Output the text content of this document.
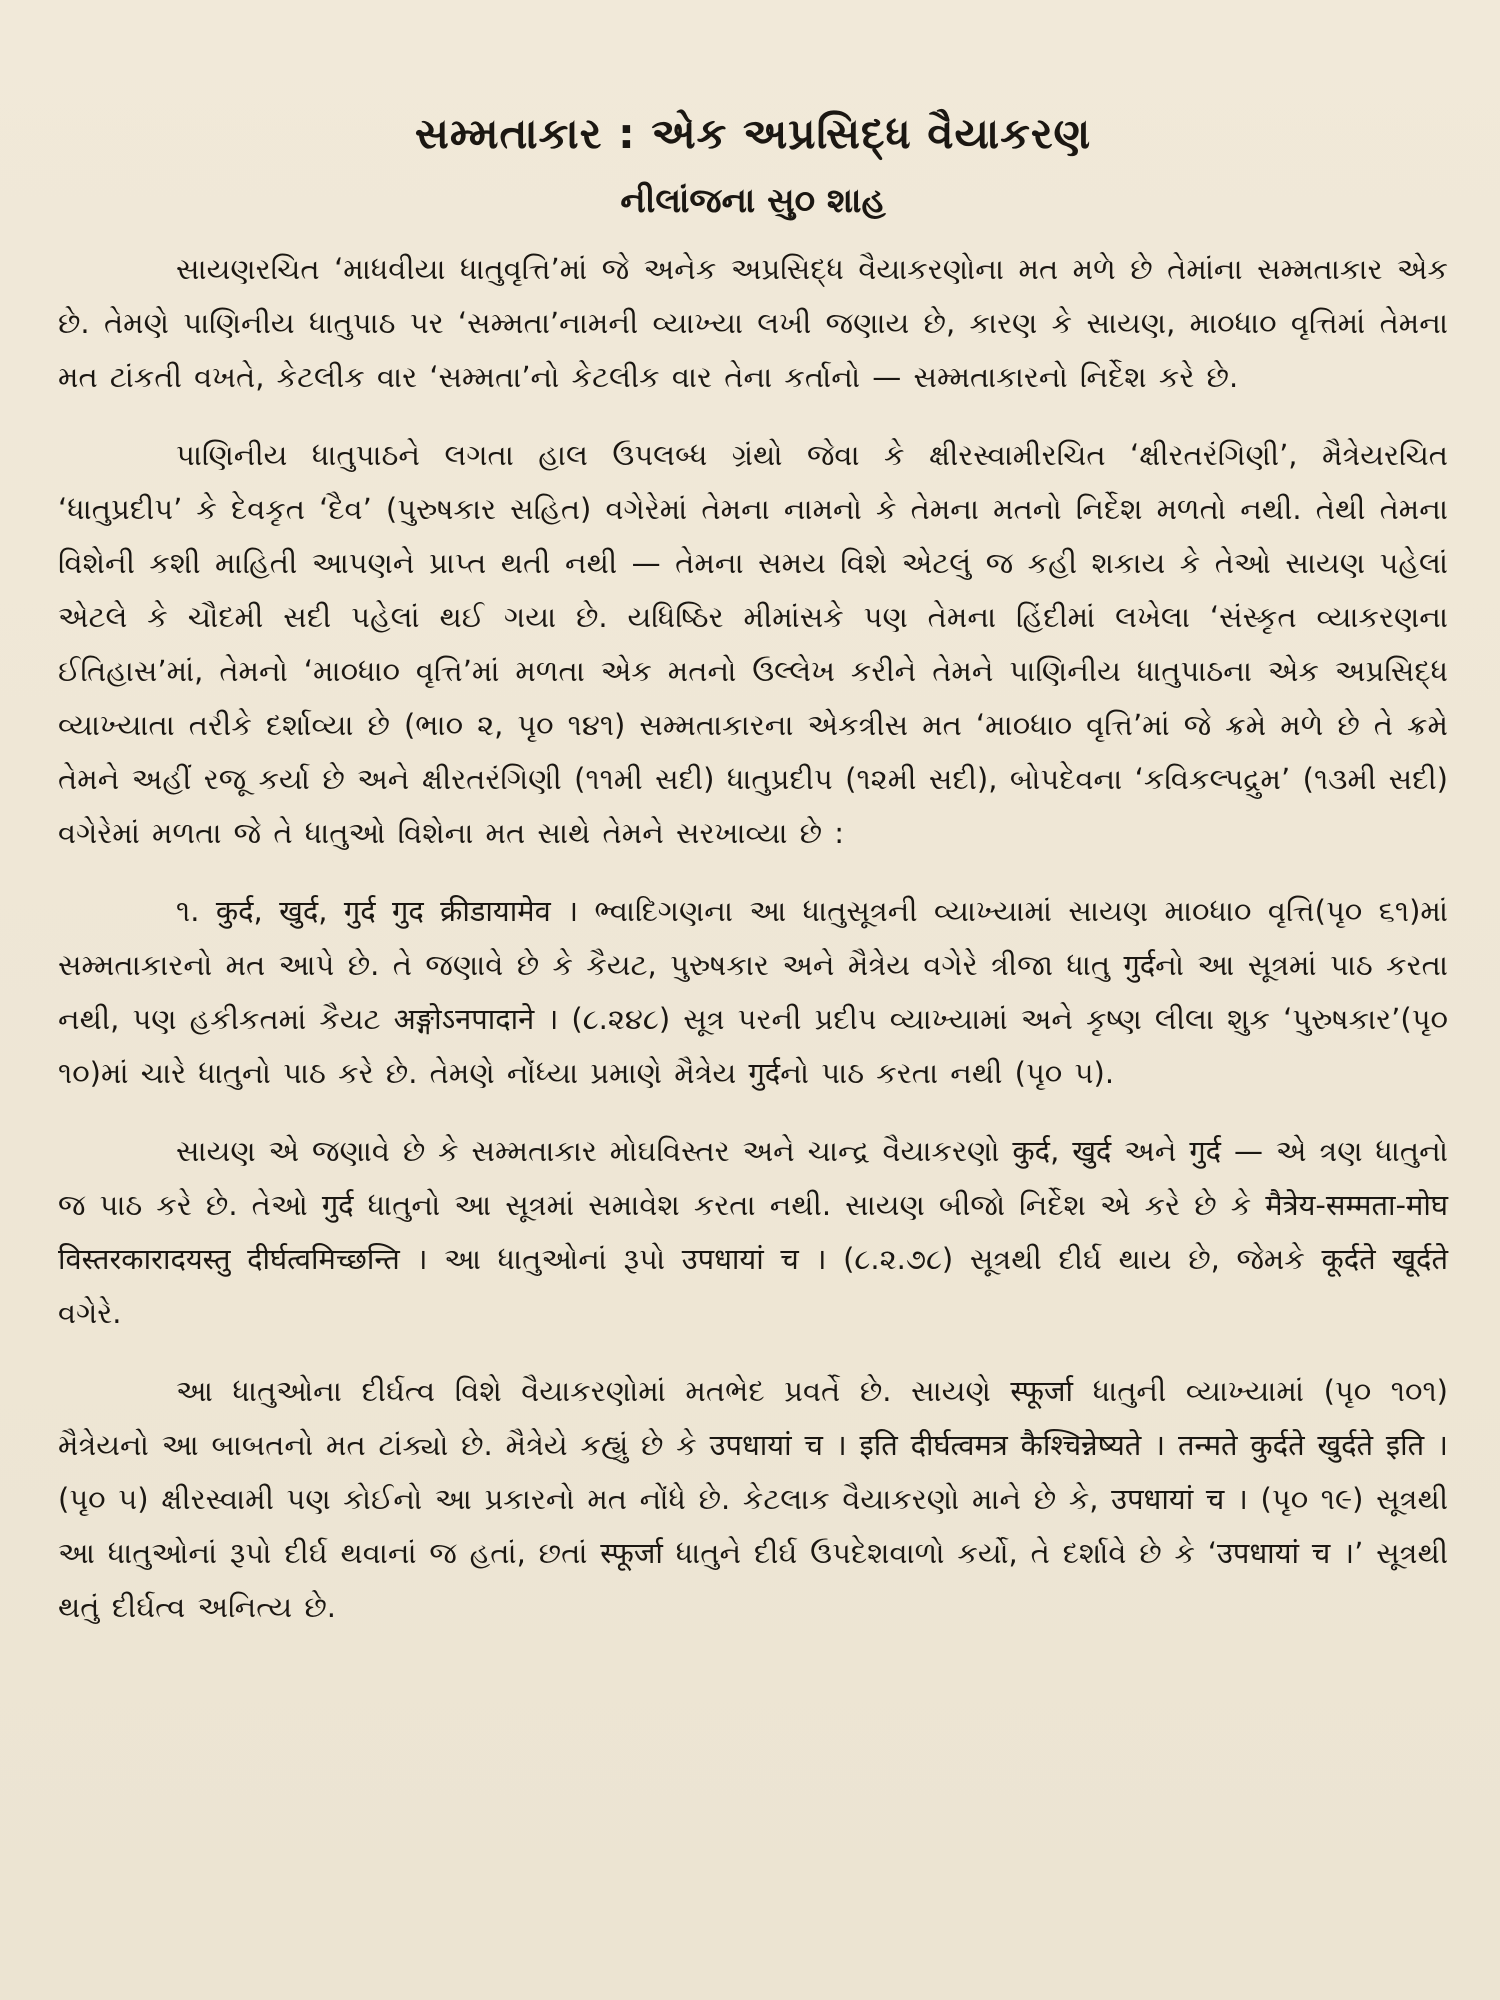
સમ્મતાકાર : એક અપ્રસિદ્ધ વૈયાકરણ
નીલાંજના સુ૦ શાહ

સાયણરચિત ‘માધવીયા ધાતુવૃત્તિ’માં જે અનેક અપ્રસિદ્ધ વૈયાકરણોના મત મળે છે તેમાંના સમ્મતાકાર એક છે. તેમણે પાણિનીય ધાતુપાઠ પર ‘સમ્મતા’નામની વ્યાખ્યા લખી જણાય છે, કારણ કે સાયણ, મા૦ધા૦ વૃત્તિમાં તેમના મત ટાંકતી વખતે, કેટલીક વાર ‘સમ્મતા’નો કેટલીક વાર તેના કર્તાનો — સમ્મતાકારનો નિર્દેશ કરે છે.

પાણિનીય ધાતુપાઠને લગતા હાલ ઉપલબ્ધ ગ્રંથો જેવા કે ક્ષીરસ્વામીરચિત ‘ક્ષીરતરંગિણી’, મૈત્રેયરચિત ‘ધાતુપ્રદીપ’ કે દેવકૃત ‘દૈવ’ (પુરુષકાર સહિત) વગેરેમાં તેમના નામનો કે તેમના મતનો નિર્દેશ મળતો નથી. તેથી તેમના વિશેની કશી માહિતી આપણને પ્રાપ્ત થતી નથી — તેમના સમય વિશે એટલું જ કહી શકાય કે તેઓ સાયણ પહેલાં એટલે કે ચૌદમી સદી પહેલાં થઈ ગયા છે. યધિષ્ઠિર મીમાંસકે પણ તેમના હિંદીમાં લખેલા ‘સંસ્કૃત વ્યાકરણના ઈતિહાસ’માં, તેમનો ‘મા૦ધા૦ વૃત્તિ’માં મળતા એક મતનો ઉલ્લેખ કરીને તેમને પાણિનીય ધાતુપાઠના એક અપ્રસિદ્ધ વ્યાખ્યાતા તરીકે દર્શાવ્યા છે (ભા૦ ૨, પૃ૦ ૧૪૧) સમ્મતાકારના એકત્રીસ મત ‘મા૦ધા૦ વૃત્તિ’માં જે ક્રમે મળે છે તે ક્રમે તેમને અહીં રજૂ કર્યા છે અને ક્ષીરતરંગિણી (૧૧મી સદી) ધાતુપ્રદીપ (૧૨મી સદી), બોપદેવના ‘કવિકલ્પદ્રુમ’ (૧૩મી સદી) વગેરેમાં મળતા જે તે ધાતુઓ વિશેના મત સાથે તેમને સરખાવ્યા છે :

૧. कुर्द, खुर्द, गुर्द गुद क्रीडायामेव । ભ્વાદિગણના આ ધાતુસૂત્રની વ્યાખ્યામાં સાયણ મા૦ધા૦ વૃત્તિ(પૃ૦ ૬૧)માં સમ્મતાકારનો મત આપે છે. તે જણાવે છે કે કૈયટ, પુરુષકાર અને મૈત્રેય વગેરે ત્રીજા ધાતુ गुर्दનો આ સૂત્રમાં પાઠ કરતા નથી, પણ હકીકતમાં કૈયટ अङ्गोऽनपादाने । (૮.૨૪૮) સૂત્ર પરની પ્રદીપ વ્યાખ્યામાં અને કૃષ્ણ લીલા શુક ‘પુરુષકાર’(પૃ૦ ૧૦)માં ચારે ધાતુનો પાઠ કરે છે. તેમણે નોંધ્યા પ્રમાણે મૈત્રેય गुर्दનો પાઠ કરતા નથી (પૃ૦ ૫).

સાયણ એ જણાવે છે કે સમ્મતાકાર મોઘવિસ્તર અને ચાન્દ્ર વૈયાકરણો कुर्द, खुर्द અને गुर्द — એ ત્રણ ધાતુનો જ પાઠ કરે છે. તેઓ गुर्द ધાતુનો આ સૂત્રમાં સમાવેશ કરતા નથી. સાયણ બીજો નિર્દેશ એ કરે છે કે मैत्रेय-सम्मता-मोघ विस्तरकारादयस्तु दीर्घत्वमिच्छन्ति । આ ધાતુઓનાં રૂપો उपधायां च । (૮.૨.૭૮) સૂત્રથી દીર્ઘ થાય છે, જેમકે कूर्दते खूर्दते વગેરે.

આ ધાતુઓના દીર્ઘત્વ વિશે વૈયાકરણોમાં મતભેદ પ્રવર્તે છે. સાયણે स्फूर्जा ધાતુની વ્યાખ્યામાં (પૃ૦ ૧૦૧) મૈત્રેયનો આ બાબતનો મત ટાંક્યો છે. મૈત્રેયે કહ્યું છે કે उपधायां च । इति दीर्घत्वमत्र कैश्चिन्नेष्यते । तन्मते कुर्दते खुर्दते इति । (પૃ૦ ૫) ક્ષીરસ્વામી પણ કોઈનો આ પ્રકારનો મત નોંધે છે. કેટલાક વૈયાકરણો માને છે કે, उपधायां च । (પૃ૦ ૧૯) સૂત્રથી આ ધાતુઓનાં રૂપો દીર્ઘ થવાનાં જ હતાં, છતાં स्फूर्जा ધાતુને દીર્ઘ ઉપદેશવાળો કર્યો, તે દર્શાવે છે કે ‘उपधायां च ।’ સૂત્રથી થતું દીર્ઘત્વ અનિત્ય છે.
